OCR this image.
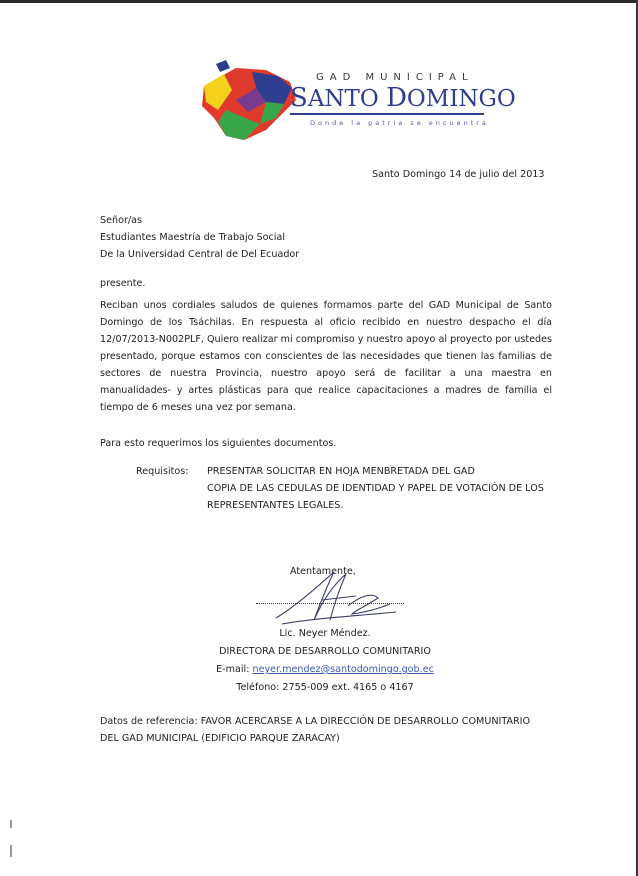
GAD MUNICIPAL
SANTO DOMINGO
Donde la patria se encuentra
Santo Domingo 14 de julio del 2013
Señor/as
Estudiantes Maestría de Trabajo Social
De la Universidad Central de Del Ecuador
presente.
Reciban unos cordiales saludos de quienes formamos parte del GAD Municipal de Santo Domingo de los Tsáchilas. En respuesta al oficio recibido en nuestro despacho el día 12/07/2013-N002PLF, Quiero realizar mi compromiso y nuestro apoyo al proyecto por ustedes presentado, porque estamos con conscientes de las necesidades que tienen las familias de sectores de nuestra Provincia, nuestro apoyo será de facilitar a una maestra en manualidades- y artes plásticas para que realice capacitaciones a madres de familia el tiempo de 6 meses una vez por semana.
Para esto requerimos los siguientes documentos.
Requisitos: PRESENTAR SOLICITAR EN HOJA MENBRETADA DEL GAD
COPIA DE LAS CEDULAS DE IDENTIDAD Y PAPEL DE VOTACIÓN DE LOS
REPRESENTANTES LEGALES.
Atentamente,
Lic. Neyer Méndez.
DIRECTORA DE DESARROLLO COMUNITARIO
E-mail: neyer.mendez@santodomingo.gob.ec
Teléfono: 2755-009 ext. 4165 o 4167
Datos de referencia: FAVOR ACERCARSE A LA DIRECCIÓN DE DESARROLLO COMUNITARIO
DEL GAD MUNICIPAL (EDIFICIO PARQUE ZARACAY)
